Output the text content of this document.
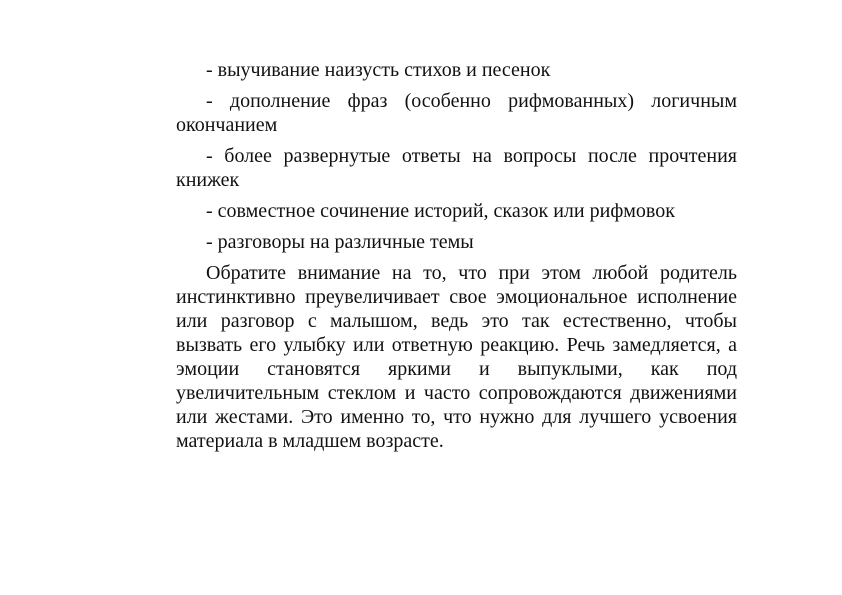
- выучивание наизусть стихов и песенок

- дополнение фраз (особенно рифмованных) логичным окончанием

- более развернутые ответы на вопросы после прочтения книжек

- совместное сочинение историй, сказок или рифмовок

- разговоры на различные темы

Обратите внимание на то, что при этом любой родитель инстинктивно преувеличивает свое эмоциональное исполнение или разговор с малышом, ведь это так естественно, чтобы вызвать его улыбку или ответную реакцию. Речь замедляется, а эмоции становятся яркими и выпуклыми, как под увеличительным стеклом и часто сопровождаются движениями или жестами. Это именно то, что нужно для лучшего усвоения материала в младшем возрасте.
